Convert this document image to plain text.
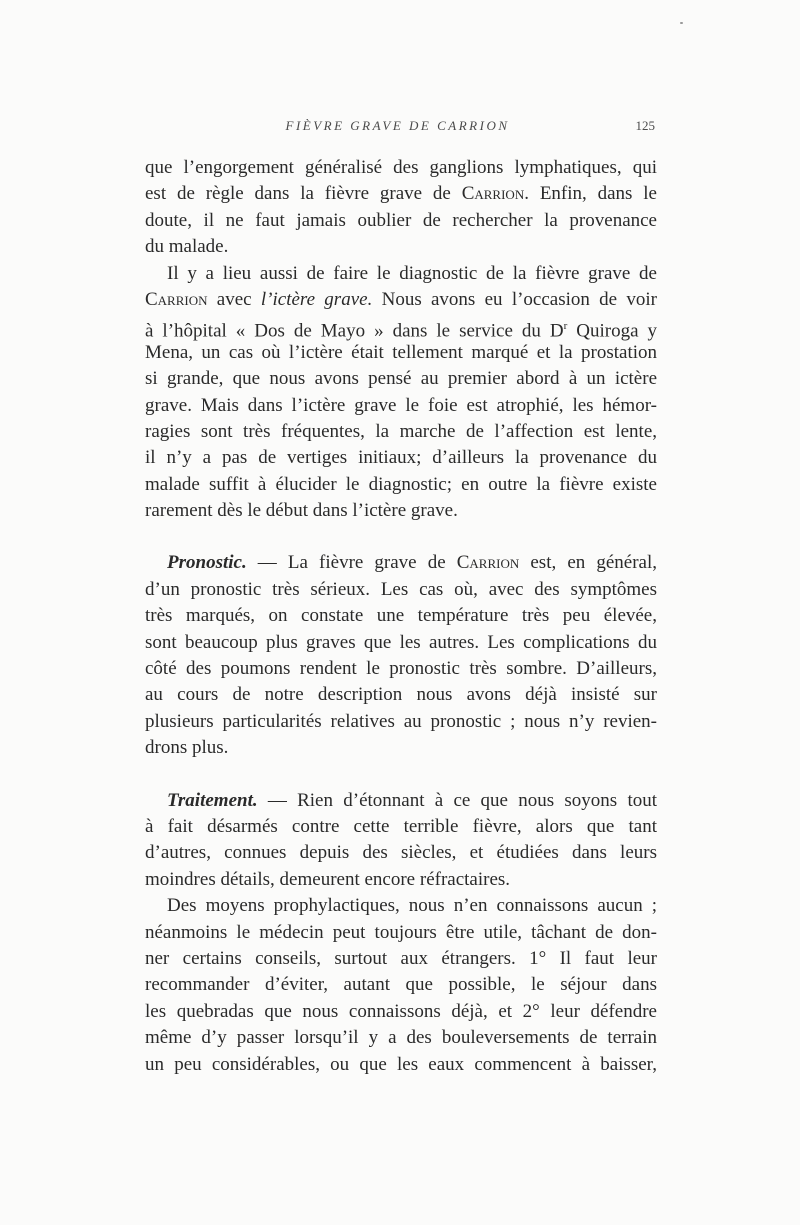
FIÈVRE GRAVE DE CARRION	125
que l’engorgement généralisé des ganglions lymphatiques, qui
est de règle dans la fièvre grave de Carrion. Enfin, dans le
doute, il ne faut jamais oublier de rechercher la provenance
du malade.
Il y a lieu aussi de faire le diagnostic de la fièvre grave de
Carrion avec l’ictère grave. Nous avons eu l’occasion de voir
à l’hôpital « Dos de Mayo » dans le service du $D^r$ Quiroga y
Mena, un cas où l’ictère était tellement marqué et la prostation
si grande, que nous avons pensé au premier abord à un ictère
grave. Mais dans l’ictère grave le foie est atrophié, les hémor-
ragies sont très fréquentes, la marche de l’affection est lente,
il n’y a pas de vertiges initiaux; d’ailleurs la provenance du
malade suffit à élucider le diagnostic; en outre la fièvre existe
rarement dès le début dans l’ictère grave.
Pronostic. — La fièvre grave de Carrion est, en général,
d’un pronostic très sérieux. Les cas où, avec des symptômes
très marqués, on constate une température très peu élevée,
sont beaucoup plus graves que les autres. Les complications du
côté des poumons rendent le pronostic très sombre. D’ailleurs,
au cours de notre description nous avons déjà insisté sur
plusieurs particularités relatives au pronostic ; nous n’y revien-
drons plus.
Traitement. — Rien d’étonnant à ce que nous soyons tout
à fait désarmés contre cette terrible fièvre, alors que tant
d’autres, connues depuis des siècles, et étudiées dans leurs
moindres détails, demeurent encore réfractaires.
Des moyens prophylactiques, nous n’en connaissons aucun ;
néanmoins le médecin peut toujours être utile, tâchant de don-
ner certains conseils, surtout aux étrangers. 1° Il faut leur
recommander d’éviter, autant que possible, le séjour dans
les quebradas que nous connaissons déjà, et 2° leur défendre
même d’y passer lorsqu’il y a des bouleversements de terrain
un peu considérables, ou que les eaux commencent à baisser,
